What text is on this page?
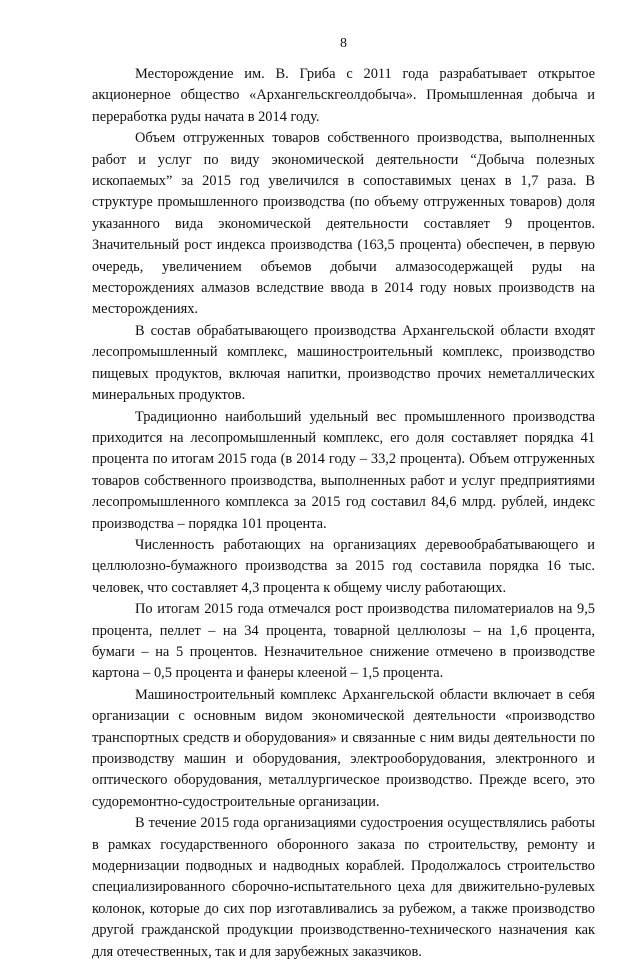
8

Месторождение им. В. Гриба с 2011 года разрабатывает открытое акционерное общество «Архангельскгеолдобыча». Промышленная добыча и переработка руды начата в 2014 году.

Объем отгруженных товаров собственного производства, выполненных работ и услуг по виду экономической деятельности “Добыча полезных ископаемых” за 2015 год увеличился в сопоставимых ценах в 1,7 раза. В структуре промышленного производства (по объему отгруженных товаров) доля указанного вида экономической деятельности составляет 9 процентов. Значительный рост индекса производства (163,5 процента) обеспечен, в первую очередь, увеличением объемов добычи алмазосодержащей руды на месторождениях алмазов вследствие ввода в 2014 году новых производств на месторождениях.

В состав обрабатывающего производства Архангельской области входят лесопромышленный комплекс, машиностроительный комплекс, производство пищевых продуктов, включая напитки, производство прочих неметаллических минеральных продуктов.

Традиционно наибольший удельный вес промышленного производства приходится на лесопромышленный комплекс, его доля составляет порядка 41 процента по итогам 2015 года (в 2014 году – 33,2 процента). Объем отгруженных товаров собственного производства, выполненных работ и услуг предприятиями лесопромышленного комплекса за 2015 год составил 84,6 млрд. рублей, индекс производства – порядка 101 процента.

Численность работающих на организациях деревообрабатывающего и целлюлозно-бумажного производства за 2015 год составила порядка 16 тыс. человек, что составляет 4,3 процента к общему числу работающих.

По итогам 2015 года отмечался рост производства пиломатериалов на 9,5 процента, пеллет – на 34 процента, товарной целлюлозы – на 1,6 процента, бумаги – на 5 процентов. Незначительное снижение отмечено в производстве картона – 0,5 процента и фанеры клееной – 1,5 процента.

Машиностроительный комплекс Архангельской области включает в себя организации с основным видом экономической деятельности «производство транспортных средств и оборудования» и связанные с ним виды деятельности по производству машин и оборудования, электрооборудования, электронного и оптического оборудования, металлургическое производство. Прежде всего, это судоремонтно-судостроительные организации.

В течение 2015 года организациями судостроения осуществлялись работы в рамках государственного оборонного заказа по строительству, ремонту и модернизации подводных и надводных кораблей. Продолжалось строительство специализированного сборочно-испытательного цеха для движительно-рулевых колонок, которые до сих пор изготавливались за рубежом, а также производство другой гражданской продукции производственно-технического назначения как для отечественных, так и для зарубежных заказчиков.
